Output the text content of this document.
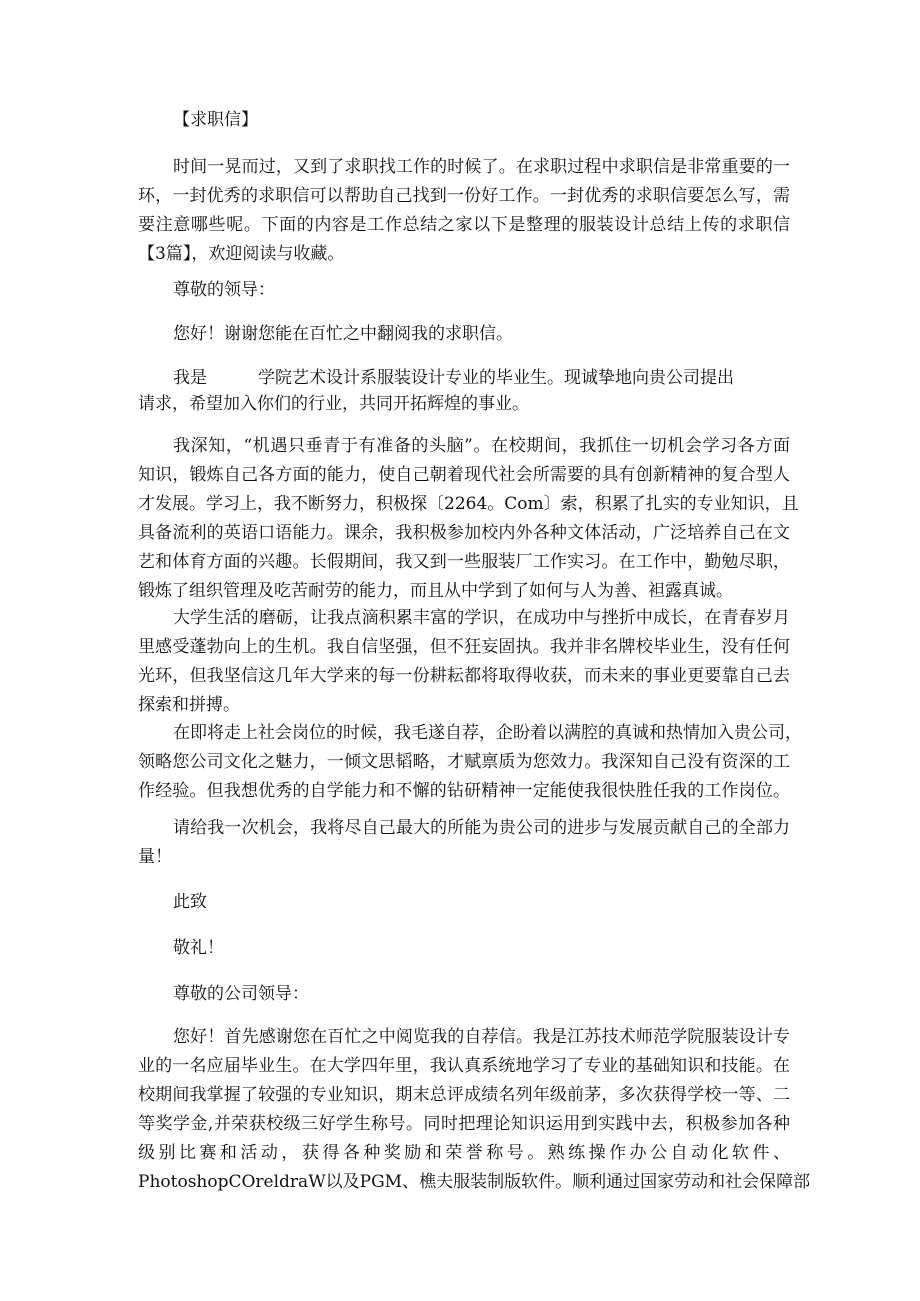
【求职信】
时间一晃而过，又到了求职找工作的时候了。在求职过程中求职信是非常重要的一
环，一封优秀的求职信可以帮助自己找到一份好工作。一封优秀的求职信要怎么写，需
要注意哪些呢。下面的内容是工作总结之家以下是整理的服装设计总结上传的求职信
【3篇】，欢迎阅读与收藏。
尊敬的领导：
您好！谢谢您能在百忙之中翻阅我的求职信。
我是　　　学院艺术设计系服装设计专业的毕业生。现诚挚地向贵公司提出
请求，希望加入你们的行业，共同开拓辉煌的事业。
我深知，“机遇只垂青于有准备的头脑”。在校期间，我抓住一切机会学习各方面
知识，锻炼自己各方面的能力，使自己朝着现代社会所需要的具有创新精神的复合型人
才发展。学习上，我不断努力，积极探〔2264。Com〕索，积累了扎实的专业知识，且
具备流利的英语口语能力。课余，我积极参加校内外各种文体活动，广泛培养自己在文
艺和体育方面的兴趣。长假期间，我又到一些服装厂工作实习。在工作中，勤勉尽职，
锻炼了组织管理及吃苦耐劳的能力，而且从中学到了如何与人为善、袒露真诚。
大学生活的磨砺，让我点滴积累丰富的学识，在成功中与挫折中成长，在青春岁月
里感受蓬勃向上的生机。我自信坚强，但不狂妄固执。我并非名牌校毕业生，没有任何
光环，但我坚信这几年大学来的每一份耕耘都将取得收获，而未来的事业更要靠自己去
探索和拼搏。
在即将走上社会岗位的时候，我毛遂自荐，企盼着以满腔的真诚和热情加入贵公司，
领略您公司文化之魅力，一倾文思韬略，才赋禀质为您效力。我深知自己没有资深的工
作经验。但我想优秀的自学能力和不懈的钻研精神一定能使我很快胜任我的工作岗位。
请给我一次机会，我将尽自己最大的所能为贵公司的进步与发展贡献自己的全部力
量！
此致
敬礼！
尊敬的公司领导：
您好！首先感谢您在百忙之中阅览我的自荐信。我是江苏技术师范学院服装设计专
业的一名应届毕业生。在大学四年里，我认真系统地学习了专业的基础知识和技能。在
校期间我掌握了较强的专业知识，期末总评成绩名列年级前茅，多次获得学校一等、二
等奖学金,并荣获校级三好学生称号。同时把理论知识运用到实践中去，积极参加各种
级别比赛和活动，获得各种奖励和荣誉称号。熟练操作办公自动化软件、
PhotoshopCOreldraW以及PGM、樵夫服装制版软件。顺利通过国家劳动和社会保障部
